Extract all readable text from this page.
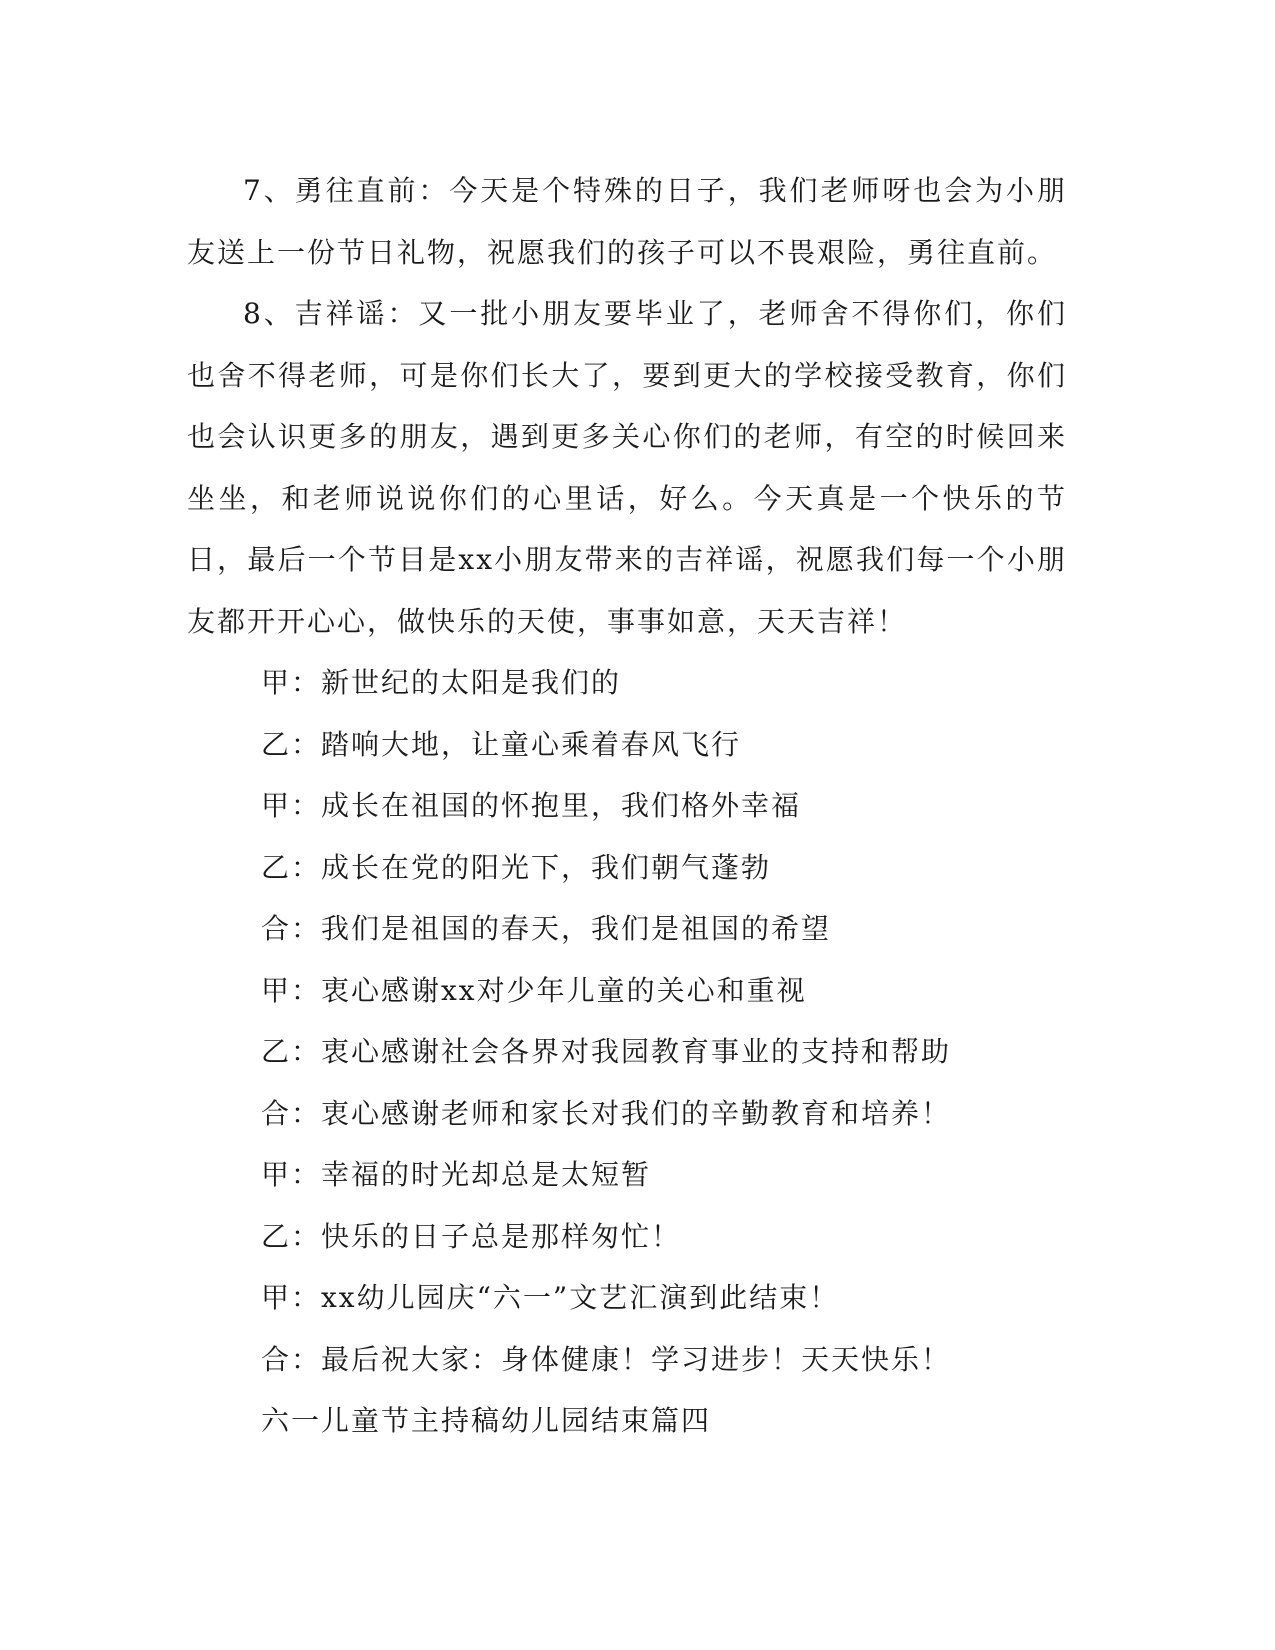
7、勇往直前：今天是个特殊的日子，我们老师呀也会为小朋友送上一份节日礼物，祝愿我们的孩子可以不畏艰险，勇往直前。

8、吉祥谣：又一批小朋友要毕业了，老师舍不得你们，你们也舍不得老师，可是你们长大了，要到更大的学校接受教育，你们也会认识更多的朋友，遇到更多关心你们的老师，有空的时候回来坐坐，和老师说说你们的心里话，好么。今天真是一个快乐的节日，最后一个节目是xx小朋友带来的吉祥谣，祝愿我们每一个小朋友都开开心心，做快乐的天使，事事如意，天天吉祥！

甲：新世纪的太阳是我们的

乙：踏响大地，让童心乘着春风飞行

甲：成长在祖国的怀抱里，我们格外幸福

乙：成长在党的阳光下，我们朝气蓬勃

合：我们是祖国的春天，我们是祖国的希望

甲：衷心感谢xx对少年儿童的关心和重视

乙：衷心感谢社会各界对我园教育事业的支持和帮助

合：衷心感谢老师和家长对我们的辛勤教育和培养！

甲：幸福的时光却总是太短暂

乙：快乐的日子总是那样匆忙！

甲：xx幼儿园庆“六一”文艺汇演到此结束！

合：最后祝大家：身体健康！学习进步！天天快乐！

六一儿童节主持稿幼儿园结束篇四
